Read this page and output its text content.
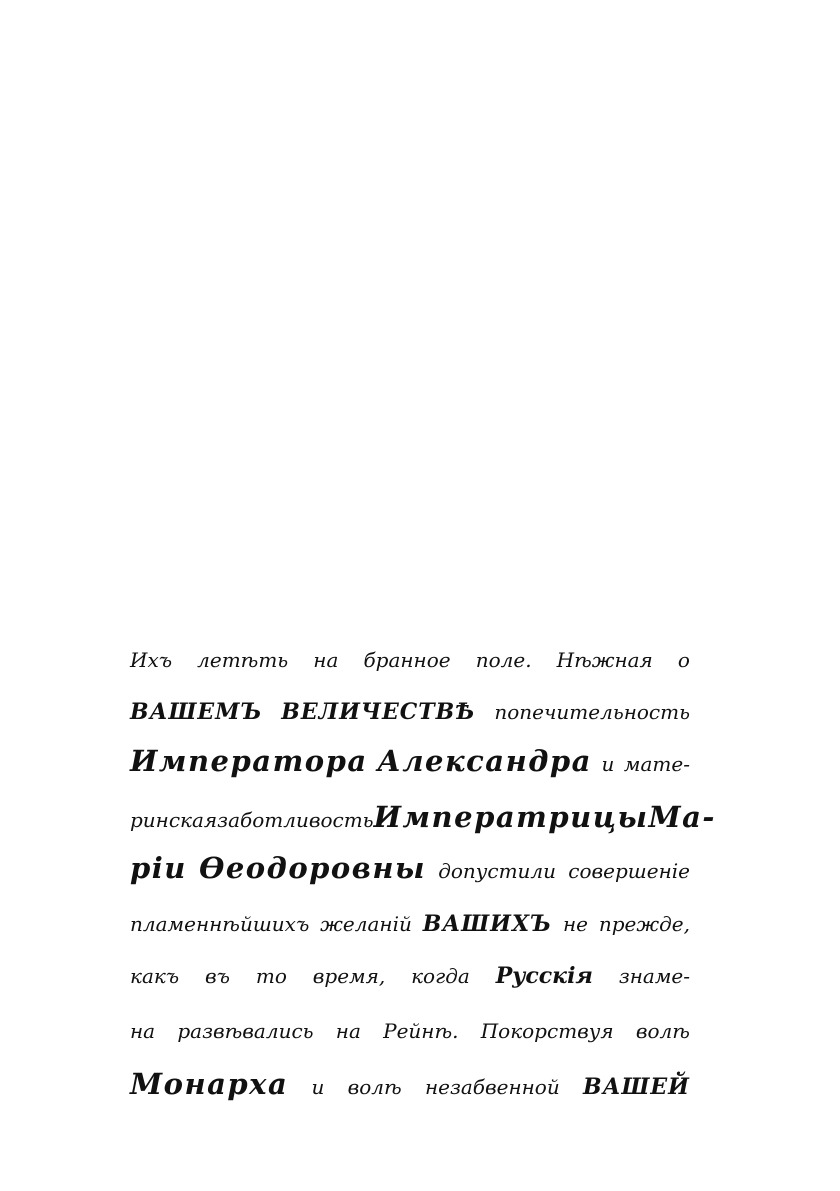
Ихъ летѣть на бранное поле. Нѣжная о
ВАШЕМЪ ВЕЛИЧЕСТВѢ попечительность
Императора Александра и мате-
ринская заботливость Императрицы Ма-
рiи Ѳеодоровны допустили совершенiе
пламеннѣйшихъ желанiй ВАШИХЪ не прежде,
какъ въ то время, когда Русскiя знаме-
на развѣвались на Рейнѣ. Покорствуя волѣ
Монарха и волѣ незабвенной ВАШЕЙ
